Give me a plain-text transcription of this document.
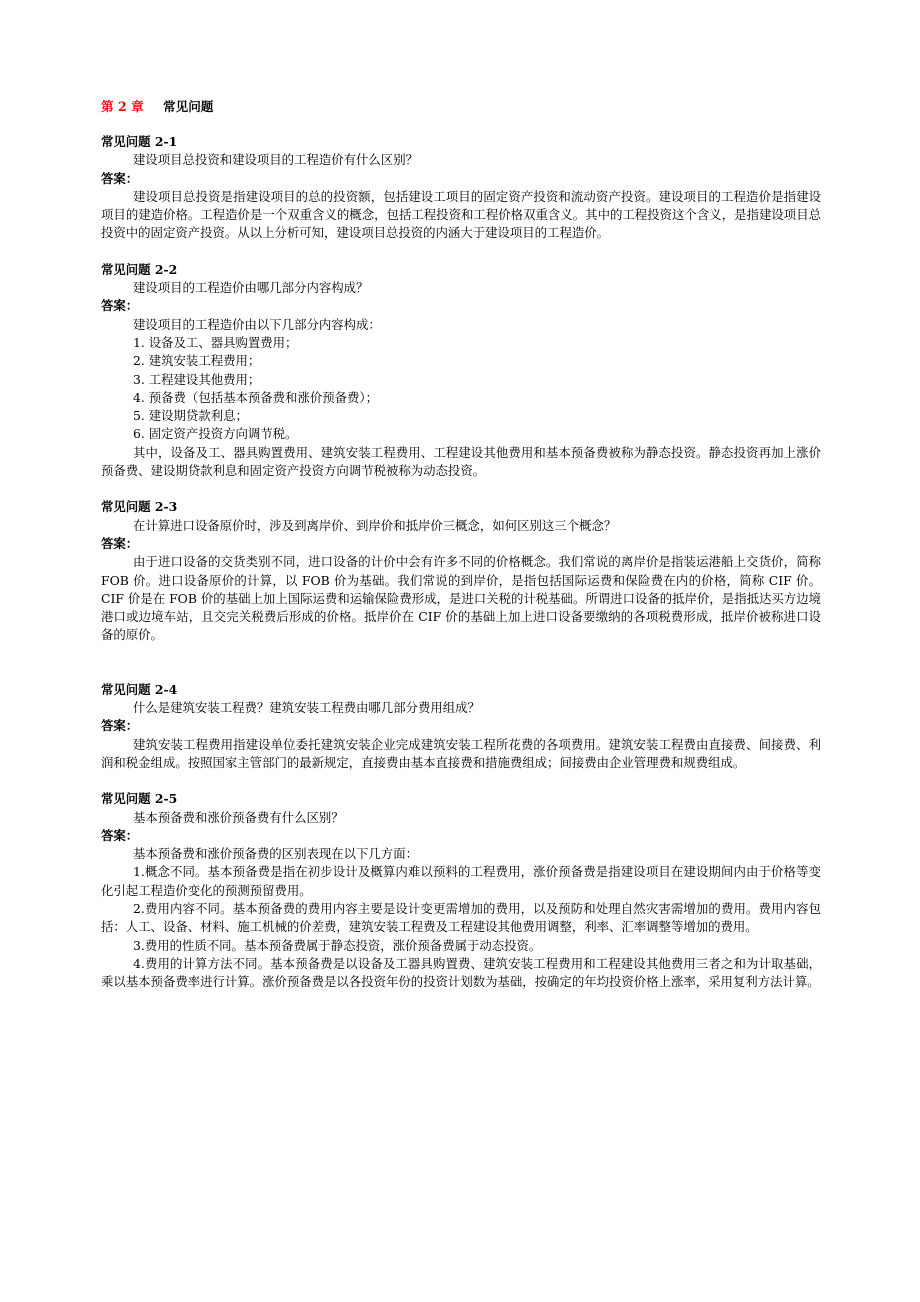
第 2 章 常见问题
常见问题 2-1
建设项目总投资和建设项目的工程造价有什么区别？
答案：
建设项目总投资是指建设项目的总的投资额，包括建设工项目的固定资产投资和流动资产投资。建设项目的工程造价是指建设项目的建造价格。工程造价是一个双重含义的概念，包括工程投资和工程价格双重含义。其中的工程投资这个含义，是指建设项目总投资中的固定资产投资。从以上分析可知，建设项目总投资的内涵大于建设项目的工程造价。
常见问题 2-2
建设项目的工程造价由哪几部分内容构成？
答案：
建设项目的工程造价由以下几部分内容构成：
1. 设备及工、器具购置费用；
2. 建筑安装工程费用；
3. 工程建设其他费用；
4. 预备费（包括基本预备费和涨价预备费）；
5. 建设期贷款利息；
6. 固定资产投资方向调节税。
其中，设备及工、器具购置费用、建筑安装工程费用、工程建设其他费用和基本预备费被称为静态投资。静态投资再加上涨价预备费、建设期贷款利息和固定资产投资方向调节税被称为动态投资。
常见问题 2-3
在计算进口设备原价时，涉及到离岸价、到岸价和抵岸价三概念，如何区别这三个概念？
答案：
由于进口设备的交货类别不同，进口设备的计价中会有许多不同的价格概念。我们常说的离岸价是指装运港船上交货价，简称 FOB 价。进口设备原价的计算，以 FOB 价为基础。我们常说的到岸价，是指包括国际运费和保险费在内的价格，简称 CIF 价。CIF 价是在 FOB 价的基础上加上国际运费和运输保险费形成，是进口关税的计税基础。所谓进口设备的抵岸价，是指抵达买方边境港口或边境车站，且交完关税费后形成的价格。抵岸价在 CIF 价的基础上加上进口设备要缴纳的各项税费形成，抵岸价被称进口设备的原价。
常见问题 2-4
什么是建筑安装工程费？建筑安装工程费由哪几部分费用组成？
答案：
建筑安装工程费用指建设单位委托建筑安装企业完成建筑安装工程所花费的各项费用。建筑安装工程费由直接费、间接费、利润和税金组成。按照国家主管部门的最新规定，直接费由基本直接费和措施费组成；间接费由企业管理费和规费组成。
常见问题 2-5
基本预备费和涨价预备费有什么区别？
答案：
基本预备费和涨价预备费的区别表现在以下几方面：
1.概念不同。基本预备费是指在初步设计及概算内难以预料的工程费用，涨价预备费是指建设项目在建设期间内由于价格等变化引起工程造价变化的预测预留费用。
2.费用内容不同。基本预备费的费用内容主要是设计变更需增加的费用，以及预防和处理自然灾害需增加的费用。费用内容包括：人工、设备、材料、施工机械的价差费，建筑安装工程费及工程建设其他费用调整，利率、汇率调整等增加的费用。
3.费用的性质不同。基本预备费属于静态投资，涨价预备费属于动态投资。
4.费用的计算方法不同。基本预备费是以设备及工器具购置费、建筑安装工程费用和工程建设其他费用三者之和为计取基础，乘以基本预备费率进行计算。涨价预备费是以各投资年份的投资计划数为基础，按确定的年均投资价格上涨率，采用复利方法计算。
